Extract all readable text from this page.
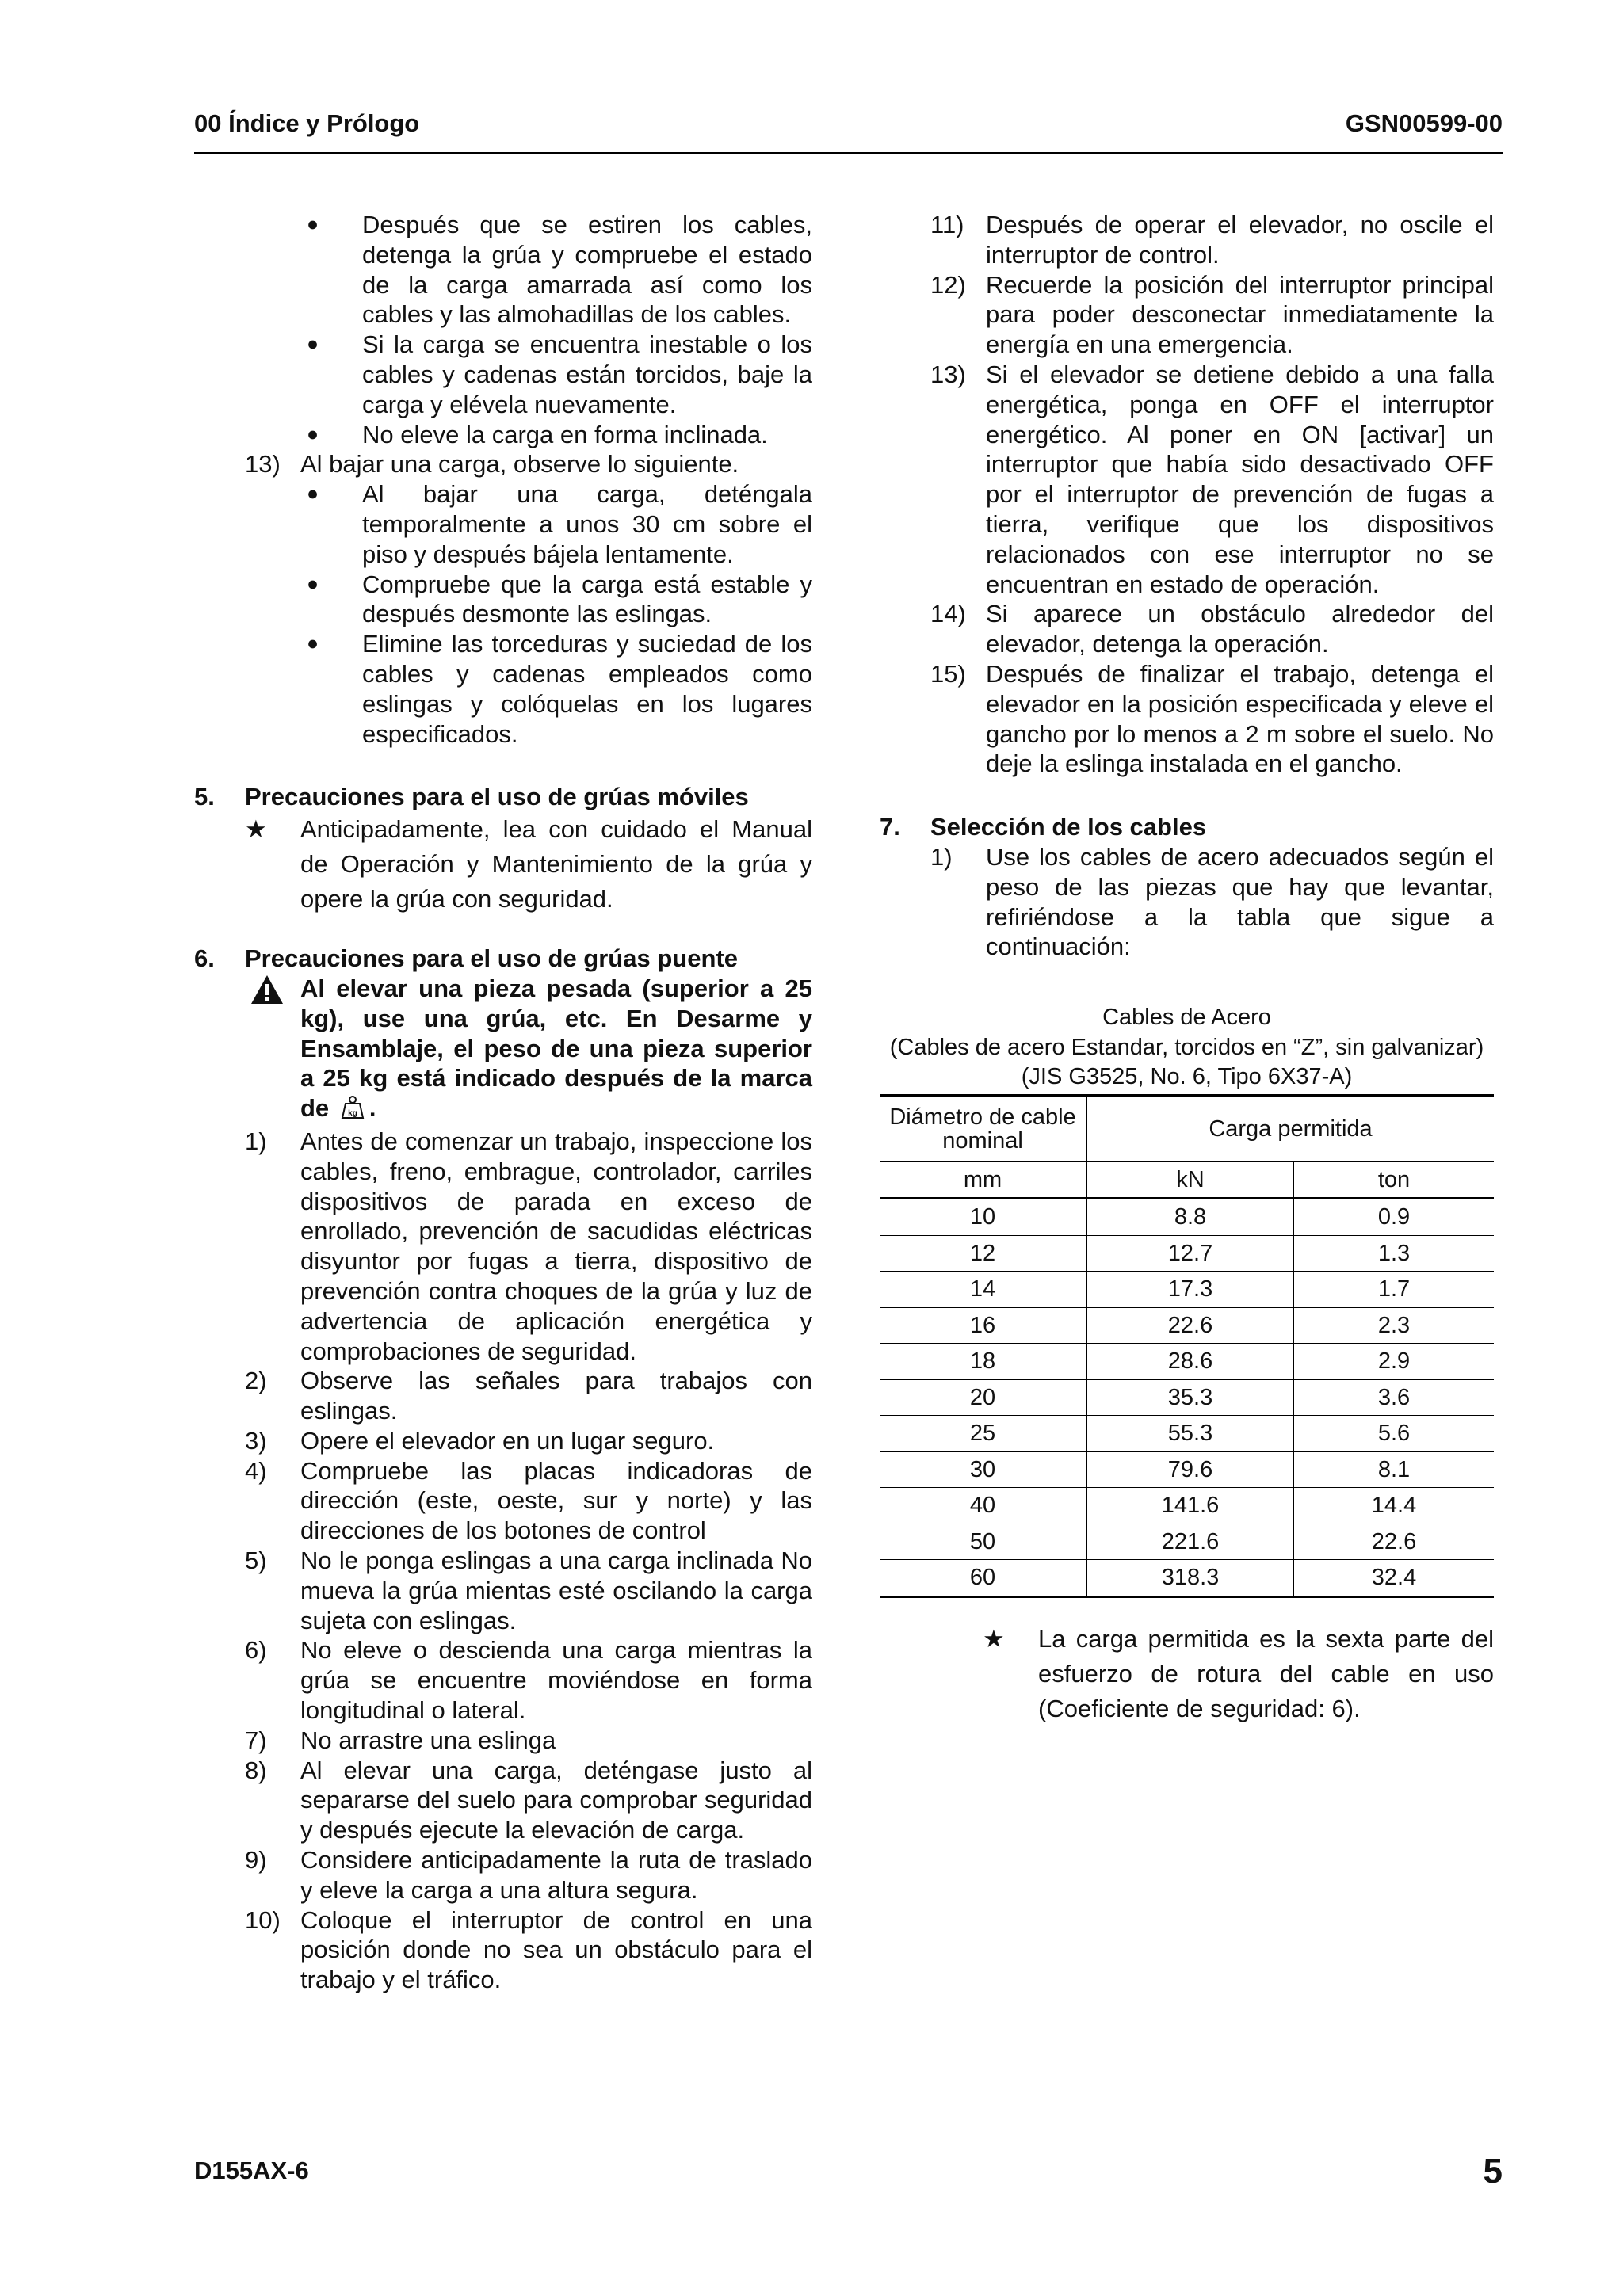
00 Índice y Prólogo	GSN00599-00
●	Después que se estiren los cables, detenga la grúa y compruebe el estado de la carga amarrada así como los cables y las almohadillas de los cables.
●	Si la carga se encuentra inestable o los cables y cadenas están torcidos, baje la carga y elévela nuevamente.
●	No eleve la carga en forma inclinada.
13) Al bajar una carga, observe lo siguiente.
●	Al bajar una carga, deténgala temporalmente a unos 30 cm sobre el piso y después bájela lentamente.
●	Compruebe que la carga está estable y después desmonte las eslingas.
●	Elimine las torceduras y suciedad de los cables y cadenas empleados como eslingas y colóquelas en los lugares especificados.
5.	Precauciones para el uso de grúas móviles
★	Anticipadamente, lea con cuidado el Manual de Operación y Mantenimiento de la grúa y opere la grúa con seguridad.
6.	Precauciones para el uso de grúas puente
Al elevar una pieza pesada (superior a 25 kg), use una grúa, etc. En Desarme y Ensamblaje, el peso de una pieza superior a 25 kg está indicado después de la marca de kg .
1)	Antes de comenzar un trabajo, inspeccione los cables, freno, embrague, controlador, carriles dispositivos de parada en exceso de enrollado, prevención de sacudidas eléctricas disyuntor por fugas a tierra, dispositivo de prevención contra choques de la grúa y luz de advertencia de aplicación energética y comprobaciones de seguridad.
2)	Observe las señales para trabajos con eslingas.
3)	Opere el elevador en un lugar seguro.
4)	Compruebe las placas indicadoras de dirección (este, oeste, sur y norte) y las direcciones de los botones de control
5)	No le ponga eslingas a una carga inclinada No mueva la grúa mientas esté oscilando la carga sujeta con eslingas.
6)	No eleve o descienda una carga mientras la grúa se encuentre moviéndose en forma longitudinal o lateral.
7)	No arrastre una eslinga
8)	Al elevar una carga, deténgase justo al separarse del suelo para comprobar seguridad y después ejecute la elevación de carga.
9)	Considere anticipadamente la ruta de traslado y eleve la carga a una altura segura.
10) Coloque el interruptor de control en una posición donde no sea un obstáculo para el trabajo y el tráfico.
11) Después de operar el elevador, no oscile el interruptor de control.
12) Recuerde la posición del interruptor principal para poder desconectar inmediatamente la energía en una emergencia.
13) Si el elevador se detiene debido a una falla energética, ponga en OFF el interruptor energético. Al poner en ON [activar] un interruptor que había sido desactivado OFF por el interruptor de prevención de fugas a tierra, verifique que los dispositivos relacionados con ese interruptor no se encuentran en estado de operación.
14) Si aparece un obstáculo alrededor del elevador, detenga la operación.
15) Después de finalizar el trabajo, detenga el elevador en la posición especificada y eleve el gancho por lo menos a 2 m sobre el suelo. No deje la eslinga instalada en el gancho.
7.	Selección de los cables
1)	Use los cables de acero adecuados según el peso de las piezas que hay que levantar, refiriéndose a la tabla que sigue a continuación:
Cables de Acero
(Cables de acero Estandar, torcidos en “Z”, sin galvanizar)
(JIS G3525, No. 6, Tipo 6X37-A)
Diámetro de cable nominal	Carga permitida	
mm	kN	ton
10	8.8	0.9
12	12.7	1.3
14	17.3	1.7
16	22.6	2.3
18	28.6	2.9
20	35.3	3.6
25	55.3	5.6
30	79.6	8.1
40	141.6	14.4
50	221.6	22.6
60	318.3	32.4
★	La carga permitida es la sexta parte del esfuerzo de rotura del cable en uso (Coeficiente de seguridad: 6).
D155AX-6	5
